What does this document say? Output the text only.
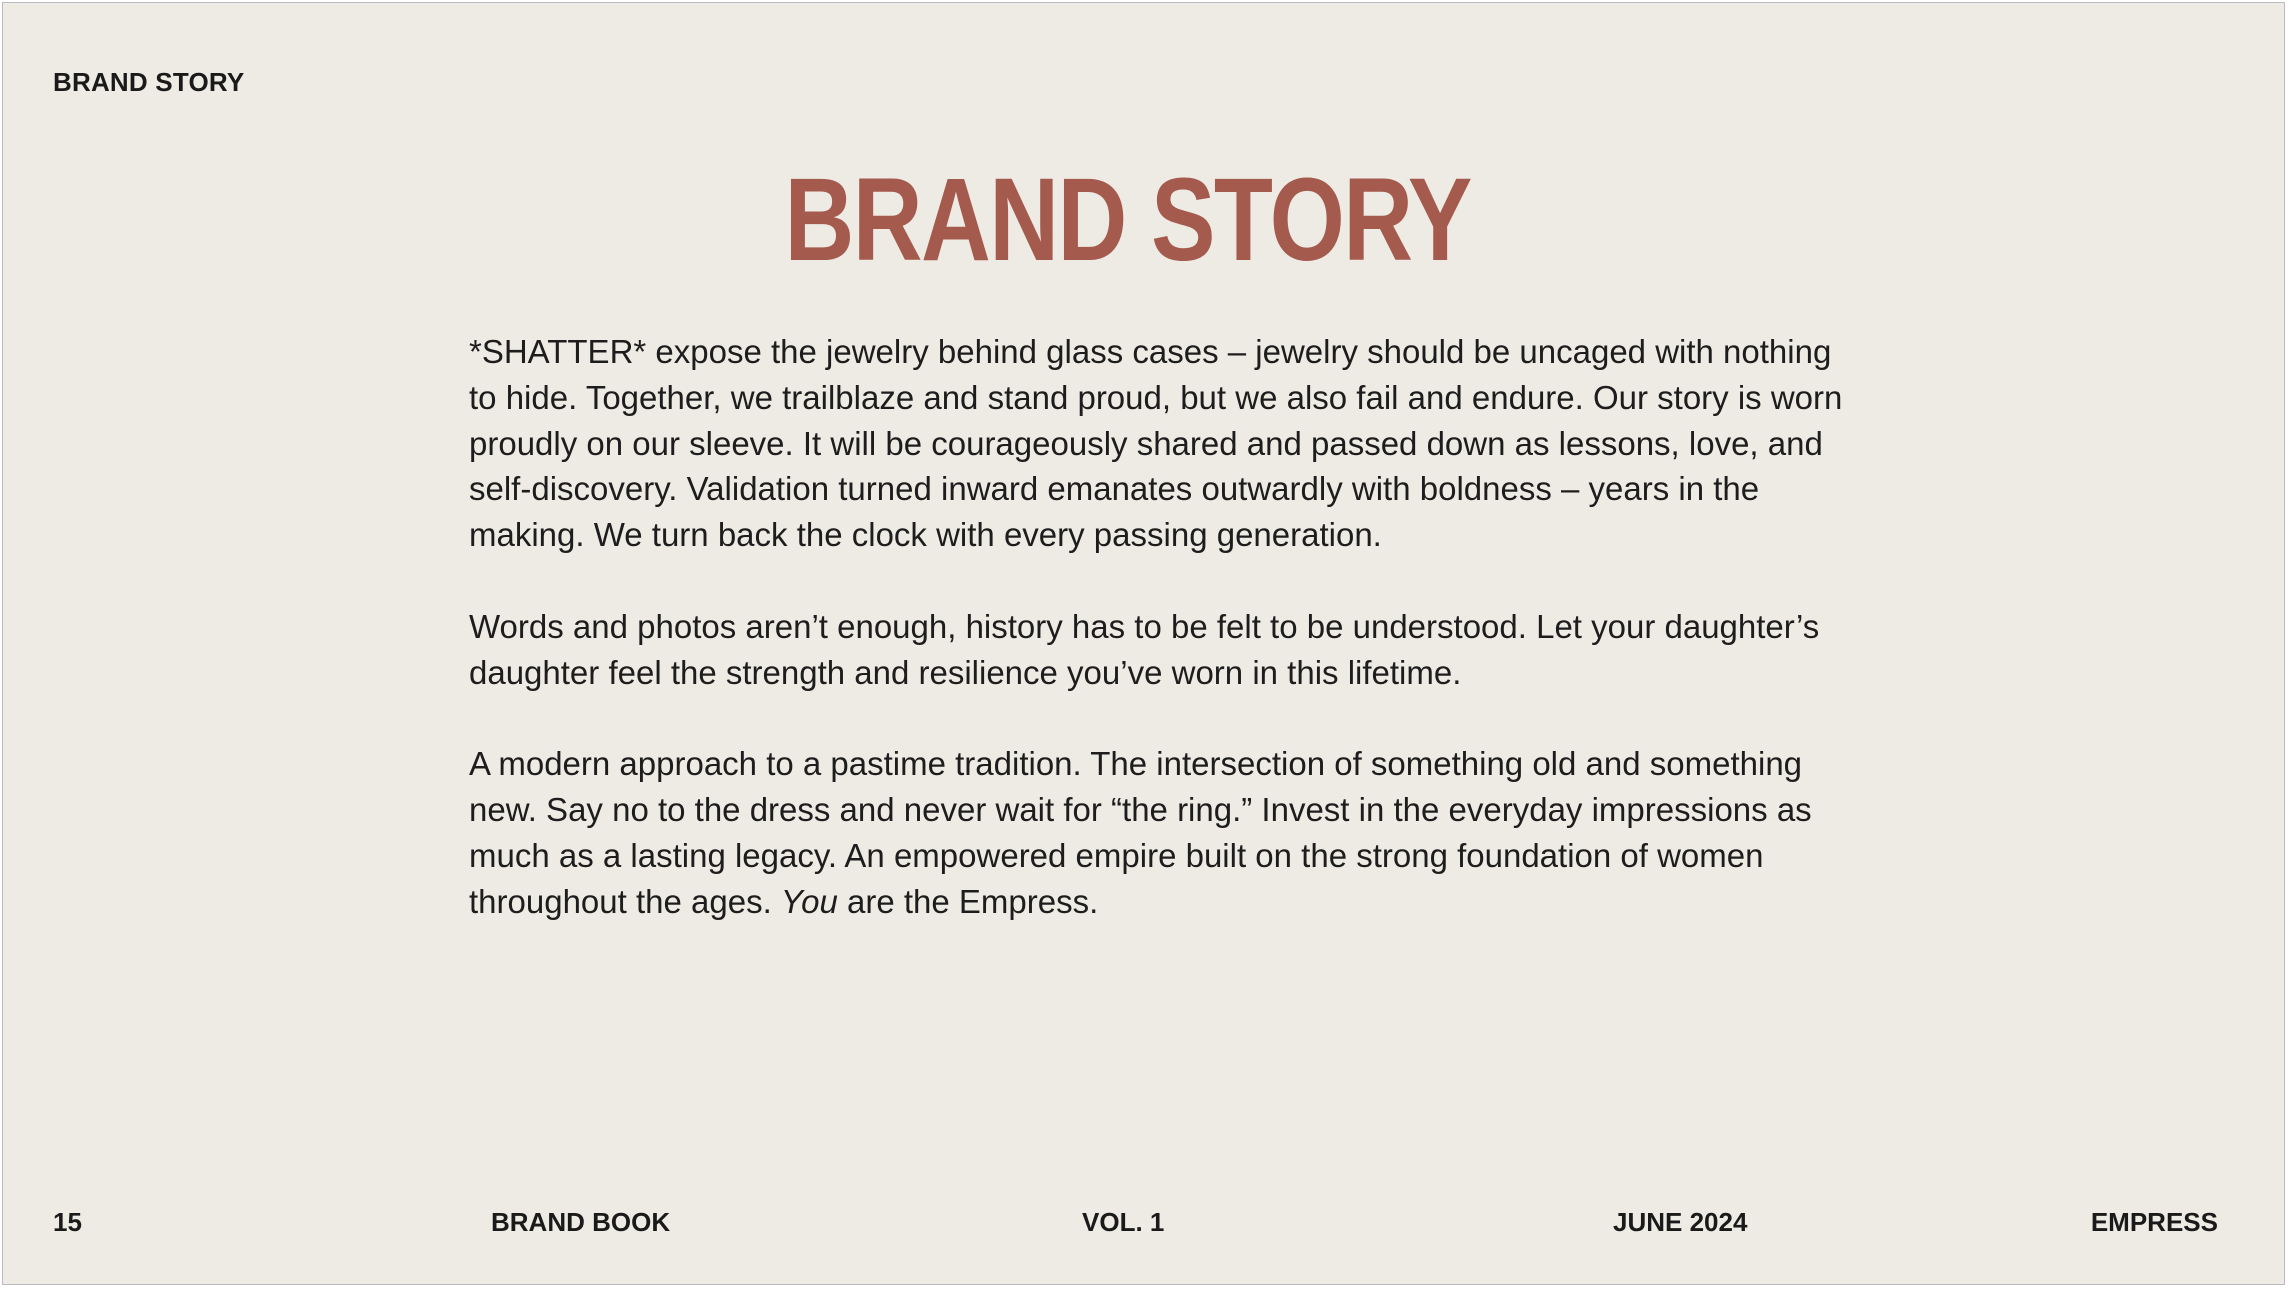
BRAND STORY
BRAND STORY

*SHATTER* expose the jewelry behind glass cases – jewelry should be uncaged with nothing to hide. Together, we trailblaze and stand proud, but we also fail and endure. Our story is worn proudly on our sleeve. It will be courageously shared and passed down as lessons, love, and self-discovery. Validation turned inward emanates outwardly with boldness – years in the making. We turn back the clock with every passing generation.

Words and photos aren’t enough, history has to be felt to be understood. Let your daughter’s daughter feel the strength and resilience you’ve worn in this lifetime.

A modern approach to a pastime tradition. The intersection of something old and something new. Say no to the dress and never wait for “the ring.” Invest in the everyday impressions as much as a lasting legacy. An empowered empire built on the strong foundation of women throughout the ages. You are the Empress.

15	BRAND BOOK	VOL. 1	JUNE 2024	EMPRESS
